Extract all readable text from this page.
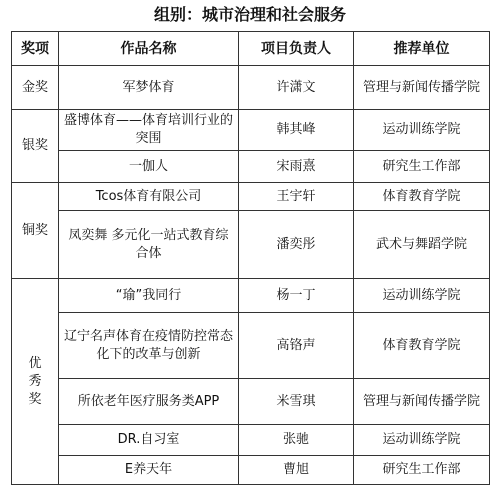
组别：城市治理和社会服务
奖项	作品名称	项目负责人	推荐单位
金奖	军梦体育	许潇文	管理与新闻传播学院

银奖	盛博体育——体育培训行业的突围	韩其峰	运动训练学院
	一伽人	宋雨熹	研究生工作部
铜奖	Tcos体育有限公司	王宇轩	体育教育学院

	凤奕舞 多元化一站式教育综合体	潘奕彤	武术与舞蹈学院

优秀奖	“瑜”我同行	杨一丁	运动训练学院

	辽宁名声体育在疫情防控常态化下的改革与创新	高铬声	体育教育学院
	所依老年医疗服务类APP	米雪琪	管理与新闻传播学院

	DR.自习室	张驰	运动训练学院
	E养天年	曹旭	研究生工作部
